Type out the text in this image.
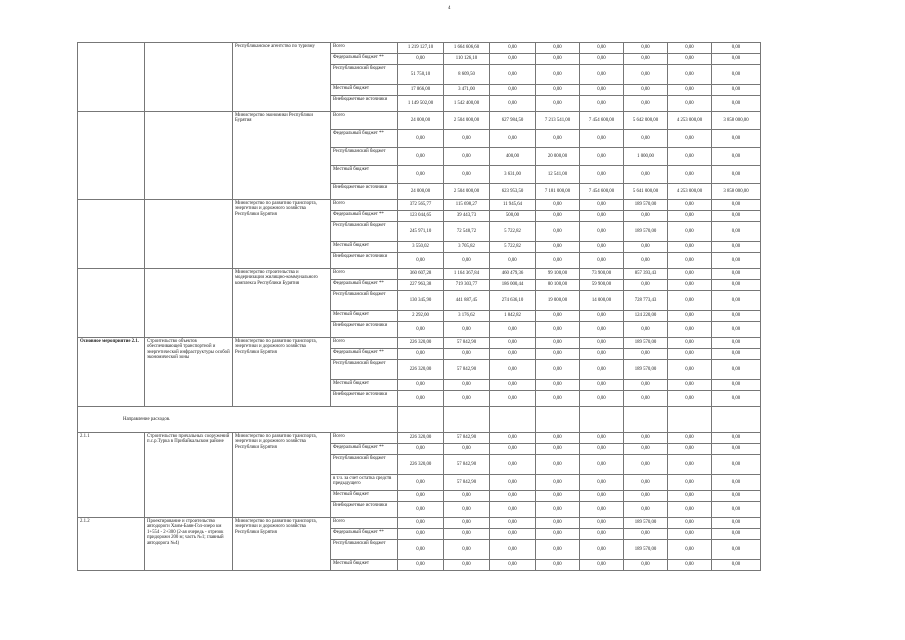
4
		Республиканское агентство по туризму	Всего	1 219 127,10	1 664 606,60	0,00	0,00	0,00	0,00	0,00	0,00
			Федеральный бюджет **	0,00	110 126,10	0,00	0,00	0,00	0,00	0,00	0,00
			Республиканский бюджет	51 750,10	8 609,50	0,00	0,00	0,00	0,00	0,00	0,00
			Местный бюджет	17 866,00	3 471,00	0,00	0,00	0,00	0,00	0,00	0,00
			Внебюджетные источники	1 149 502,00	1 542 400,00	0,00	0,00	0,00	0,00	0,00	0,00
		Министерство экономики Республики Бурятия	Всего	24 000,00	2 504 000,00	627 984,50	7 213 541,00	7 454 600,00	5 642 000,00	4 253 000,00	3 858 000,00
			Федеральный бюджет **	0,00	0,00	0,00	0,00	0,00	0,00	0,00	0,00
			Республиканский бюджет	0,00	0,00	400,00	20 000,00	0,00	1 000,00	0,00	0,00
			Местный бюджет	0,00	0,00	3 631,00	12 541,00	0,00	0,00	0,00	0,00
			Внебюджетные источники	24 000,00	2 504 000,00	623 953,50	7 181 000,00	7 454 600,00	5 641 000,00	4 253 000,00	3 858 000,00
		Министерство по развитию транспорта, энергетики и дорожного хозяйства Республики Бурятия	Всего	372 565,77	115 698,27	11 945,64	0,00	0,00	189 570,00	0,00	0,00
			Федеральный бюджет **	123 044,65	39 443,73	500,00	0,00	0,00	0,00	0,00	0,00
			Республиканский бюджет	245 971,10	72 548,72	5 722,82	0,00	0,00	189 570,00	0,00	0,00
			Местный бюджет	3 550,02	3 705,82	5 722,82	0,00	0,00	0,00	0,00	0,00
			Внебюджетные источники	0,00	0,00	0,00	0,00	0,00	0,00	0,00	0,00
		Министерство строительства и модернизации жилищно-коммунального комплекса Республики Бурятия	Всего	360 607,28	1 164 367,84	460 479,36	99 100,00	73 900,00	857 393,43	0,00	0,00
			Федеральный бюджет **	227 963,38	719 303,77	186 000,44	80 100,00	59 900,00	0,00	0,00	0,00
			Республиканский бюджет	130 345,90	441 887,45	274 636,10	19 000,00	14 000,00	728 773,43	0,00	0,00
			Местный бюджет	2 292,00	3 176,62	1 842,82	0,00	0,00	124 220,00	0,00	0,00
			Внебюджетные источники	0,00	0,00	0,00	0,00	0,00	0,00	0,00	0,00
Основное мероприятие 2.1.	Строительство объектов обеспечивающей транспортной и энергетической инфраструктуры особой экономической зоны	Министерство по развитию транспорта, энергетики и дорожного хозяйства Республики Бурятия	Всего	226 320,00	57 842,90	0,00	0,00	0,00	189 570,00	0,00	0,00
			Федеральный бюджет **	0,00	0,00	0,00	0,00	0,00	0,00	0,00	0,00
			Республиканский бюджет	226 320,00	57 842,90	0,00	0,00	0,00	189 570,00	0,00	0,00
			Местный бюджет	0,00	0,00	0,00	0,00	0,00	0,00	0,00	0,00
			Внебюджетные источники	0,00	0,00	0,00	0,00	0,00	0,00	0,00	0,00
Направление расходов.											
2.1.1	Строительство причальных сооружений п.с.р.Турка в Прибайкальском районе	Министерство по развитию транспорта, энергетики и дорожного хозяйства Республики Бурятия	Всего	226 320,00	57 842,90	0,00	0,00	0,00	0,00	0,00	0,00
			Федеральный бюджет **	0,00	0,00	0,00	0,00	0,00	0,00	0,00	0,00
			Республиканский бюджет	226 320,00	57 842,90	0,00	0,00	0,00	0,00	0,00	0,00
			в т.ч. за счет остатка средств предыдущего	0,00	57 842,90	0,00	0,00	0,00	0,00	0,00	0,00
			Местный бюджет	0,00	0,00	0,00	0,00	0,00	0,00	0,00	0,00
			Внебюджетные источники	0,00	0,00	0,00	0,00	0,00	0,00	0,00	0,00
2.1.2	Проектирование и строительство автодороги Хаим-Баян-Гол-озеро км 1+554 - 2+300 (2-ая очередь - отрезок придорожн 200 м; часть №1; главный автодорога №4)	Министерство по развитию транспорта, энергетики и дорожного хозяйства Республики Бурятия	Всего	0,00	0,00	0,00	0,00	0,00	189 570,00	0,00	0,00
			Федеральный бюджет **	0,00	0,00	0,00	0,00	0,00	0,00	0,00	0,00
			Республиканский бюджет	0,00	0,00	0,00	0,00	0,00	189 570,00	0,00	0,00
			Местный бюджет	0,00	0,00	0,00	0,00	0,00	0,00	0,00	0,00
